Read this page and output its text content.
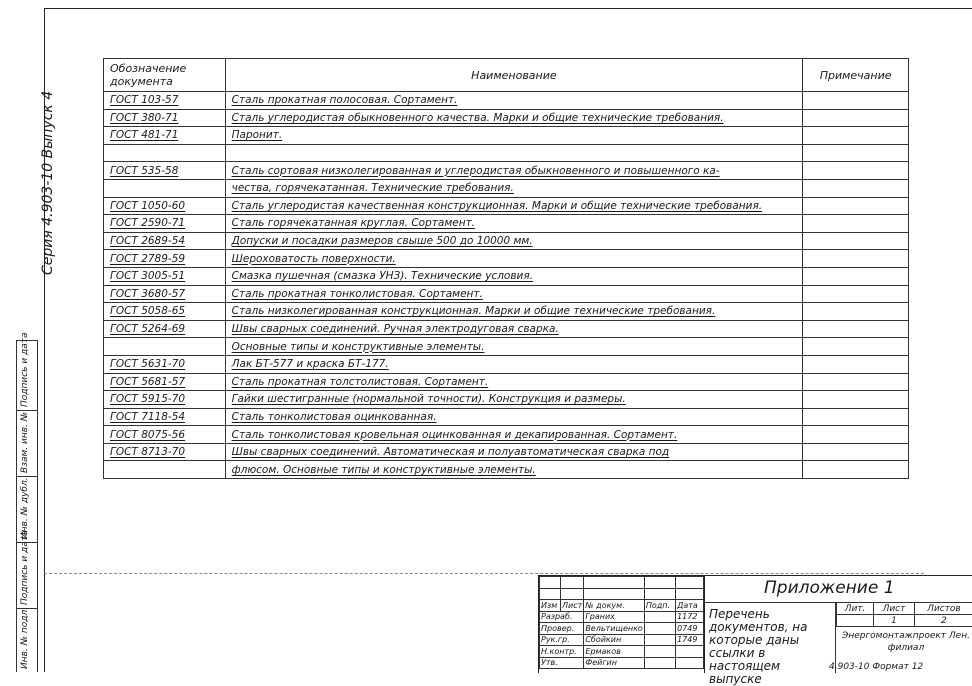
Серия 4.903-10 Выпуск 4
Подпись и дата
Взам. инв. №
Инв. № дубл.
Подпись и дата
Инв. № подл.
Обозначение документа	Наименование	Примечание
ГОСТ 103-57	Сталь прокатная полосовая. Сортамент.	
ГОСТ 380-71	Сталь углеродистая обыкновенного качества. Марки и общие технические требования.	
ГОСТ 481-71	Паронит.	

ГОСТ 535-58	Сталь сортовая низколегированная и углеродистая обыкновенного и повышенного ка-	
	чества, горячекатанная. Технические требования.	
ГОСТ 1050-60	Сталь углеродистая качественная конструкционная. Марки и общие технические требования.	
ГОСТ 2590-71	Сталь горячекатанная круглая. Сортамент.	
ГОСТ 2689-54	Допуски и посадки размеров свыше 500 до 10000 мм.	
ГОСТ 2789-59	Шероховатость поверхности.	
ГОСТ 3005-51	Смазка пушечная (смазка УНЗ). Технические условия.	
ГОСТ 3680-57	Сталь прокатная тонколистовая. Сортамент.	
ГОСТ 5058-65	Сталь низколегированная конструкционная. Марки и общие технические требования.	
ГОСТ 5264-69	Швы сварных соединений. Ручная электродуговая сварка.	
	Основные типы и конструктивные элементы.	
ГОСТ 5631-70	Лак БТ-577 и краска БТ-177.	
ГОСТ 5681-57	Сталь прокатная толстолистовая. Сортамент.	
ГОСТ 5915-70	Гайки шестигранные (нормальной точности). Конструкция и размеры.	
ГОСТ 7118-54	Сталь тонколистовая оцинкованная.	
ГОСТ 8075-56	Сталь тонколистовая кровельная оцинкованная и декапированная. Сортамент.	
ГОСТ 8713-70	Швы сварных соединений. Автоматическая и полуавтоматическая сварка под	
	флюсом. Основные типы и конструктивные элементы.	

Изм	Лист	№ докум.	Подп.	Дата
Разраб.		Граних		1172
Провер.		Вельтищенко		0749
Рук.гр.		Сбойкин		1749
Н.контр.		Ермаков		
Утв.		Фейгин		
Приложение 1
Перечень документов, на которые даны ссылки в настоящем выпуске
Лит.	Лист	Листов
	1	2
Энергомонтажпроект Лен. филиал
4.903-10 Формат 12
